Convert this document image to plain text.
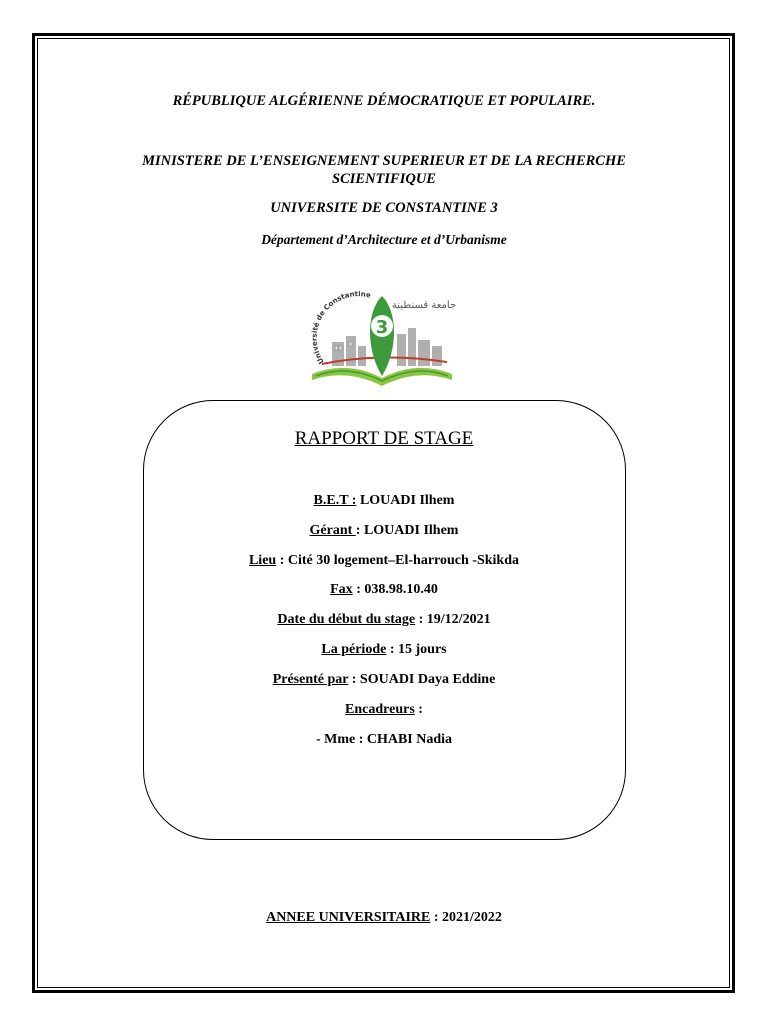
RÉPUBLIQUE ALGÉRIENNE DÉMOCRATIQUE ET POPULAIRE.
MINISTERE DE L’ENSEIGNEMENT SUPERIEUR ET DE LA RECHERCHE
SCIENTIFIQUE
UNIVERSITE DE CONSTANTINE 3
Département d’Architecture et d’Urbanisme
Université de Constantine
جامعة قسنطينة
3
RAPPORT DE STAGE
B.E.T : LOUADI Ilhem
Gérant : LOUADI Ilhem
Lieu : Cité 30 logement–El-harrouch -Skikda
Fax : 038.98.10.40
Date du début du stage : 19/12/2021
La période : 15 jours
Présenté par : SOUADI Daya Eddine
Encadreurs :
- Mme : CHABI Nadia
ANNEE UNIVERSITAIRE : 2021/2022
